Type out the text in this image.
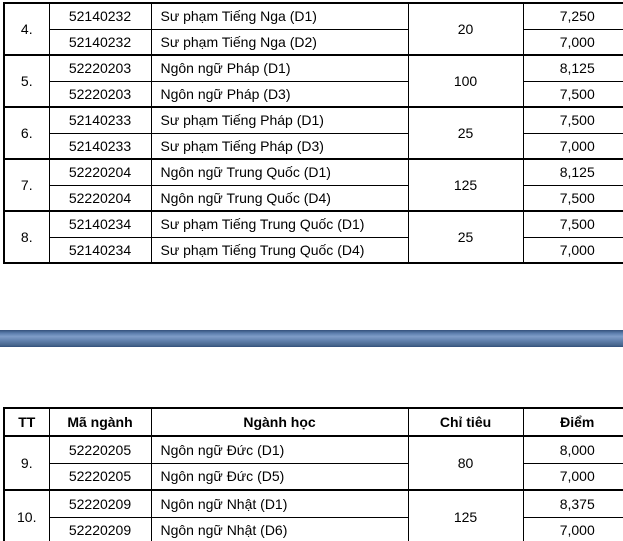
4.	52140232	Sư phạm Tiếng Nga (D1)	20	7,250
	52140232	Sư phạm Tiếng Nga (D2)		7,000
5.	52220203	Ngôn ngữ Pháp (D1)	100	8,125
	52220203	Ngôn ngữ Pháp (D3)		7,500
6.	52140233	Sư phạm Tiếng Pháp (D1)	25	7,500
	52140233	Sư phạm Tiếng Pháp (D3)		7,000
7.	52220204	Ngôn ngữ Trung Quốc (D1)	125	8,125
	52220204	Ngôn ngữ Trung Quốc (D4)		7,500
8.	52140234	Sư phạm Tiếng Trung Quốc (D1)	25	7,500
	52140234	Sư phạm Tiếng Trung Quốc (D4)		7,000
TT	Mã ngành	Ngành học	Chỉ tiêu	Điểm
9.	52220205	Ngôn ngữ Đức (D1)	80	8,000
	52220205	Ngôn ngữ Đức (D5)		7,000
10.	52220209	Ngôn ngữ Nhật (D1)	125	8,375
	52220209	Ngôn ngữ Nhật (D6)		7,000
